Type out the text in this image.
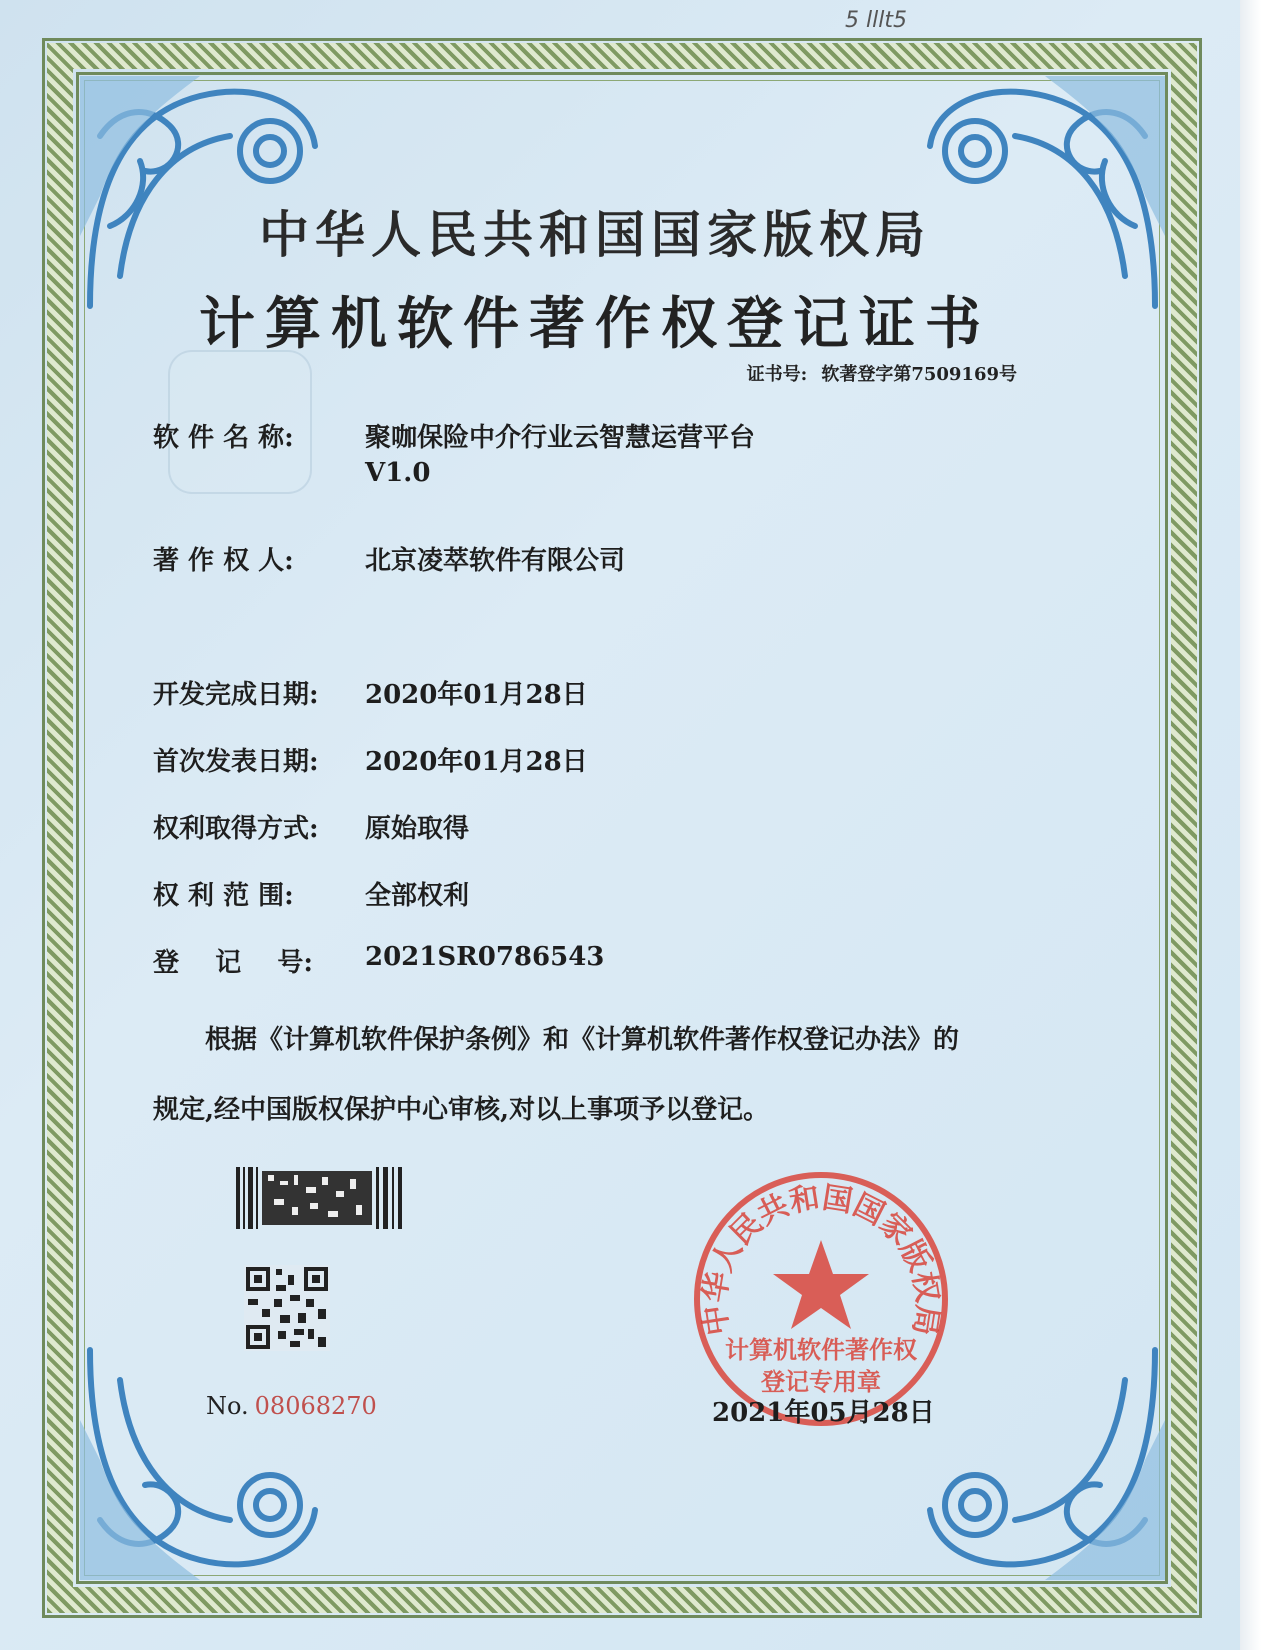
5 lllt5
中华人民共和国国家版权局
计算机软件著作权登记证书
证书号: 软著登字第7509169号
软 件 名 称:	聚咖保险中介行业云智慧运营平台
V1.0
著 作 权 人:	北京凌萃软件有限公司
开发完成日期: 2020年01月28日
首次发表日期: 2020年01月28日
权利取得方式: 原始取得
权 利 范 围:	全部权利
登    记    号: 2021SR0786543
根据《计算机软件保护条例》和《计算机软件著作权登记办法》的
规定,经中国版权保护中心审核,对以上事项予以登记。
No. 08068270
中华人民共和国国家版权局
计算机软件著作权
登记专用章
2021年05月28日
